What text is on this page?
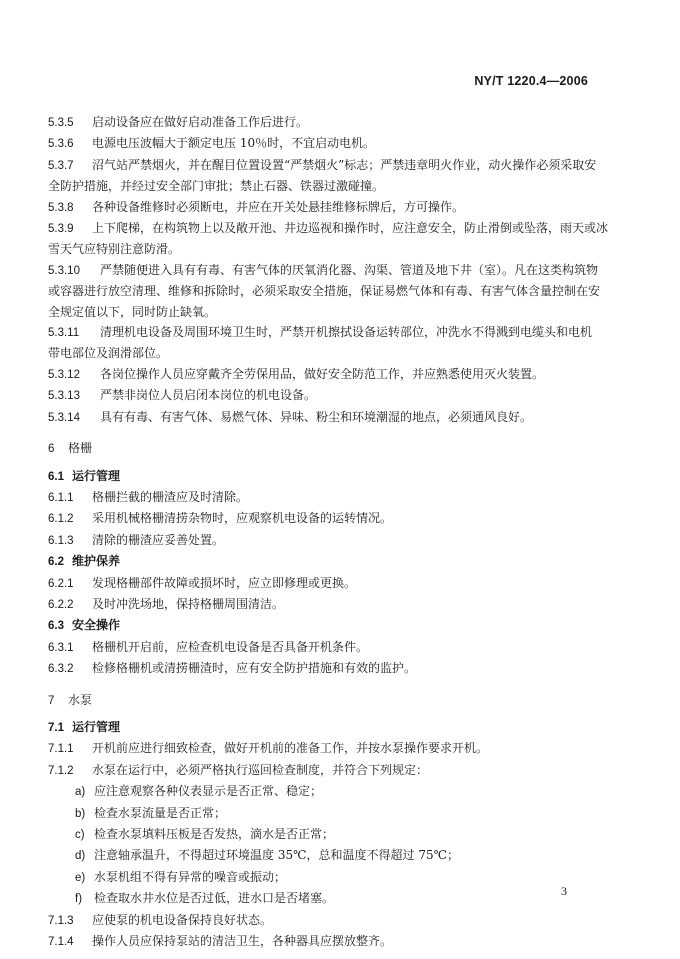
NY/T 1220.4—2006
5.3.5 启动设备应在做好启动准备工作后进行。
5.3.6 电源电压波幅大于额定电压 10％时，不宜启动电机。
5.3.7 沼气站严禁烟火，并在醒目位置设置“严禁烟火”标志；严禁违章明火作业，动火操作必须采取安
全防护措施，并经过安全部门审批；禁止石器、铁器过激碰撞。
5.3.8 各种设备维修时必须断电，并应在开关处悬挂维修标牌后，方可操作。
5.3.9 上下爬梯，在构筑物上以及敞开池、井边巡视和操作时，应注意安全，防止滑倒或坠落，雨天或冰
雪天气应特别注意防滑。
5.3.10 严禁随便进入具有有毒、有害气体的厌氧消化器、沟渠、管道及地下井（室）。凡在这类构筑物
或容器进行放空清理、维修和拆除时，必须采取安全措施，保证易燃气体和有毒、有害气体含量控制在安
全规定值以下，同时防止缺氧。
5.3.11 清理机电设备及周围环境卫生时，严禁开机擦拭设备运转部位，冲洗水不得溅到电缆头和电机
带电部位及润滑部位。
5.3.12 各岗位操作人员应穿戴齐全劳保用品，做好安全防范工作，并应熟悉使用灭火装置。
5.3.13 严禁非岗位人员启闭本岗位的机电设备。
5.3.14 具有有毒、有害气体、易燃气体、异味、粉尘和环境潮湿的地点，必须通风良好。
6 格栅
6.1 运行管理
6.1.1 格栅拦截的栅渣应及时清除。
6.1.2 采用机械格栅清捞杂物时，应观察机电设备的运转情况。
6.1.3 清除的栅渣应妥善处置。
6.2 维护保养
6.2.1 发现格栅部件故障或损坏时，应立即修理或更换。
6.2.2 及时冲洗场地，保持格栅周围清洁。
6.3 安全操作
6.3.1 格栅机开启前，应检查机电设备是否具备开机条件。
6.3.2 检修格栅机或清捞栅渣时，应有安全防护措施和有效的监护。
7 水泵
7.1 运行管理
7.1.1 开机前应进行细致检查，做好开机前的准备工作，并按水泵操作要求开机。
7.1.2 水泵在运行中，必须严格执行巡回检查制度，并符合下列规定：
a) 应注意观察各种仪表显示是否正常、稳定；
b) 检查水泵流量是否正常；
c) 检查水泵填料压板是否发热，滴水是否正常；
d) 注意轴承温升，不得超过环境温度 35℃，总和温度不得超过 75℃；
e) 水泵机组不得有异常的噪音或振动；
f) 检查取水井水位是否过低，进水口是否堵塞。
7.1.3 应使泵的机电设备保持良好状态。
7.1.4 操作人员应保持泵站的清洁卫生，各种器具应摆放整齐。
3
